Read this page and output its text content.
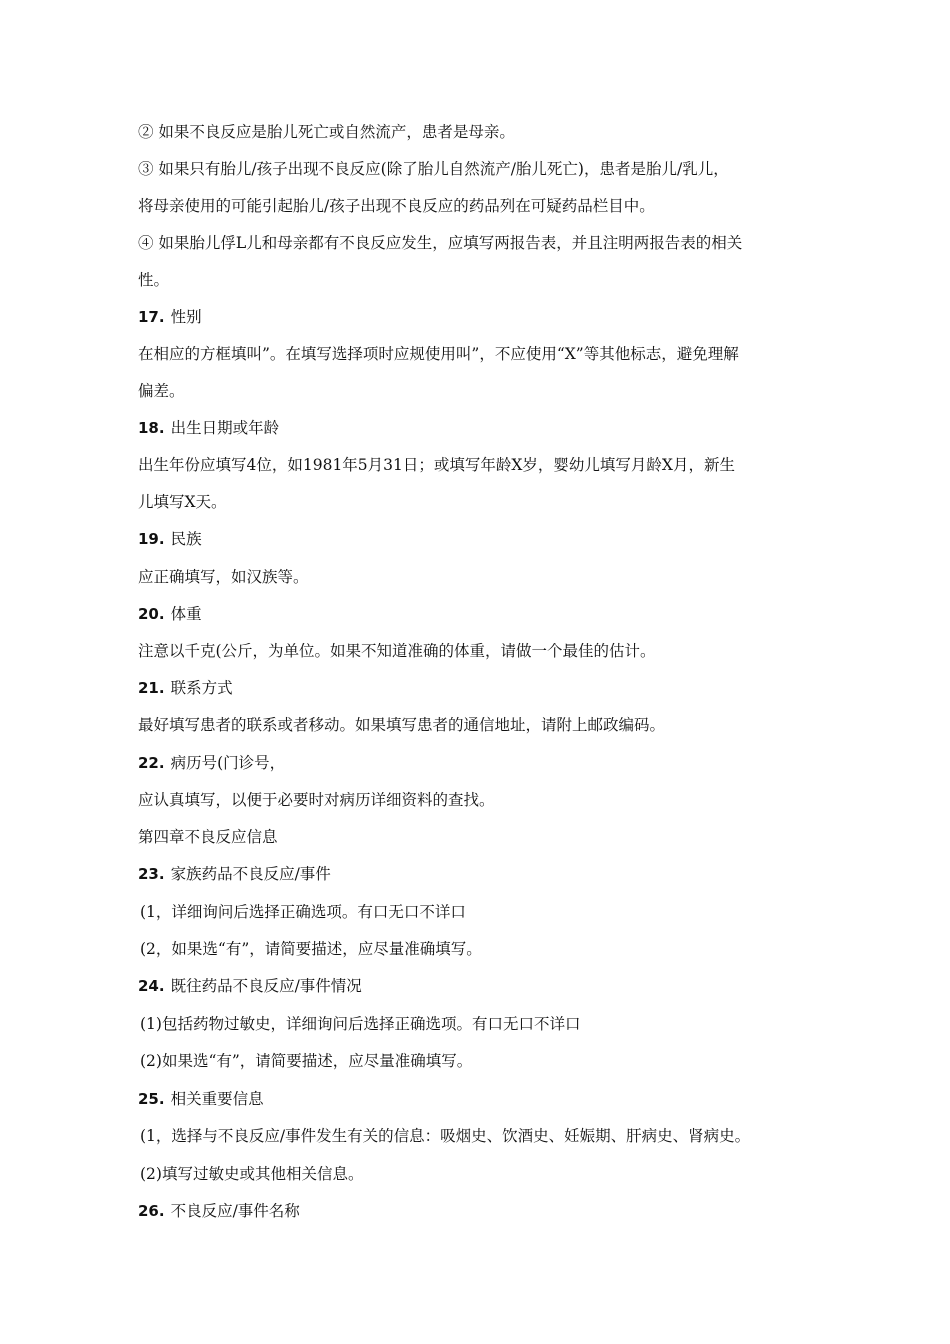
② 如果不良反应是胎儿死亡或自然流产，患者是母亲。
③ 如果只有胎儿/孩子出现不良反应(除了胎儿自然流产/胎儿死亡)，患者是胎儿/乳儿，
将母亲使用的可能引起胎儿/孩子出现不良反应的药品列在可疑药品栏目中。
④ 如果胎儿俘L儿和母亲都有不良反应发生，应填写两报告表，并且注明两报告表的相关
性。
17. 性别
在相应的方框填叫”。在填写选择项时应规使用叫”，不应使用“X”等其他标志，避免理解
偏差。
18. 出生日期或年龄
出生年份应填写4位，如1981年5月31日；或填写年龄X岁，婴幼儿填写月龄X月，新生
儿填写X天。
19. 民族
应正确填写，如汉族等。
20. 体重
注意以千克(公斤，为单位。如果不知道准确的体重，请做一个最佳的估计。
21. 联系方式
最好填写患者的联系或者移动。如果填写患者的通信地址，请附上邮政编码。
22. 病历号(门诊号，
应认真填写，以便于必要时对病历详细资料的查找。
第四章不良反应信息
23. 家族药品不良反应/事件
(1，详细询问后选择正确选项。有口无口不详口
(2，如果选“有”，请简要描述，应尽量准确填写。
24. 既往药品不良反应/事件情况
(1)包括药物过敏史，详细询问后选择正确选项。有口无口不详口
(2)如果选“有”，请简要描述，应尽量准确填写。
25. 相关重要信息
(1，选择与不良反应/事件发生有关的信息：吸烟史、饮酒史、妊娠期、肝病史、肾病史。
(2)填写过敏史或其他相关信息。
26. 不良反应/事件名称
